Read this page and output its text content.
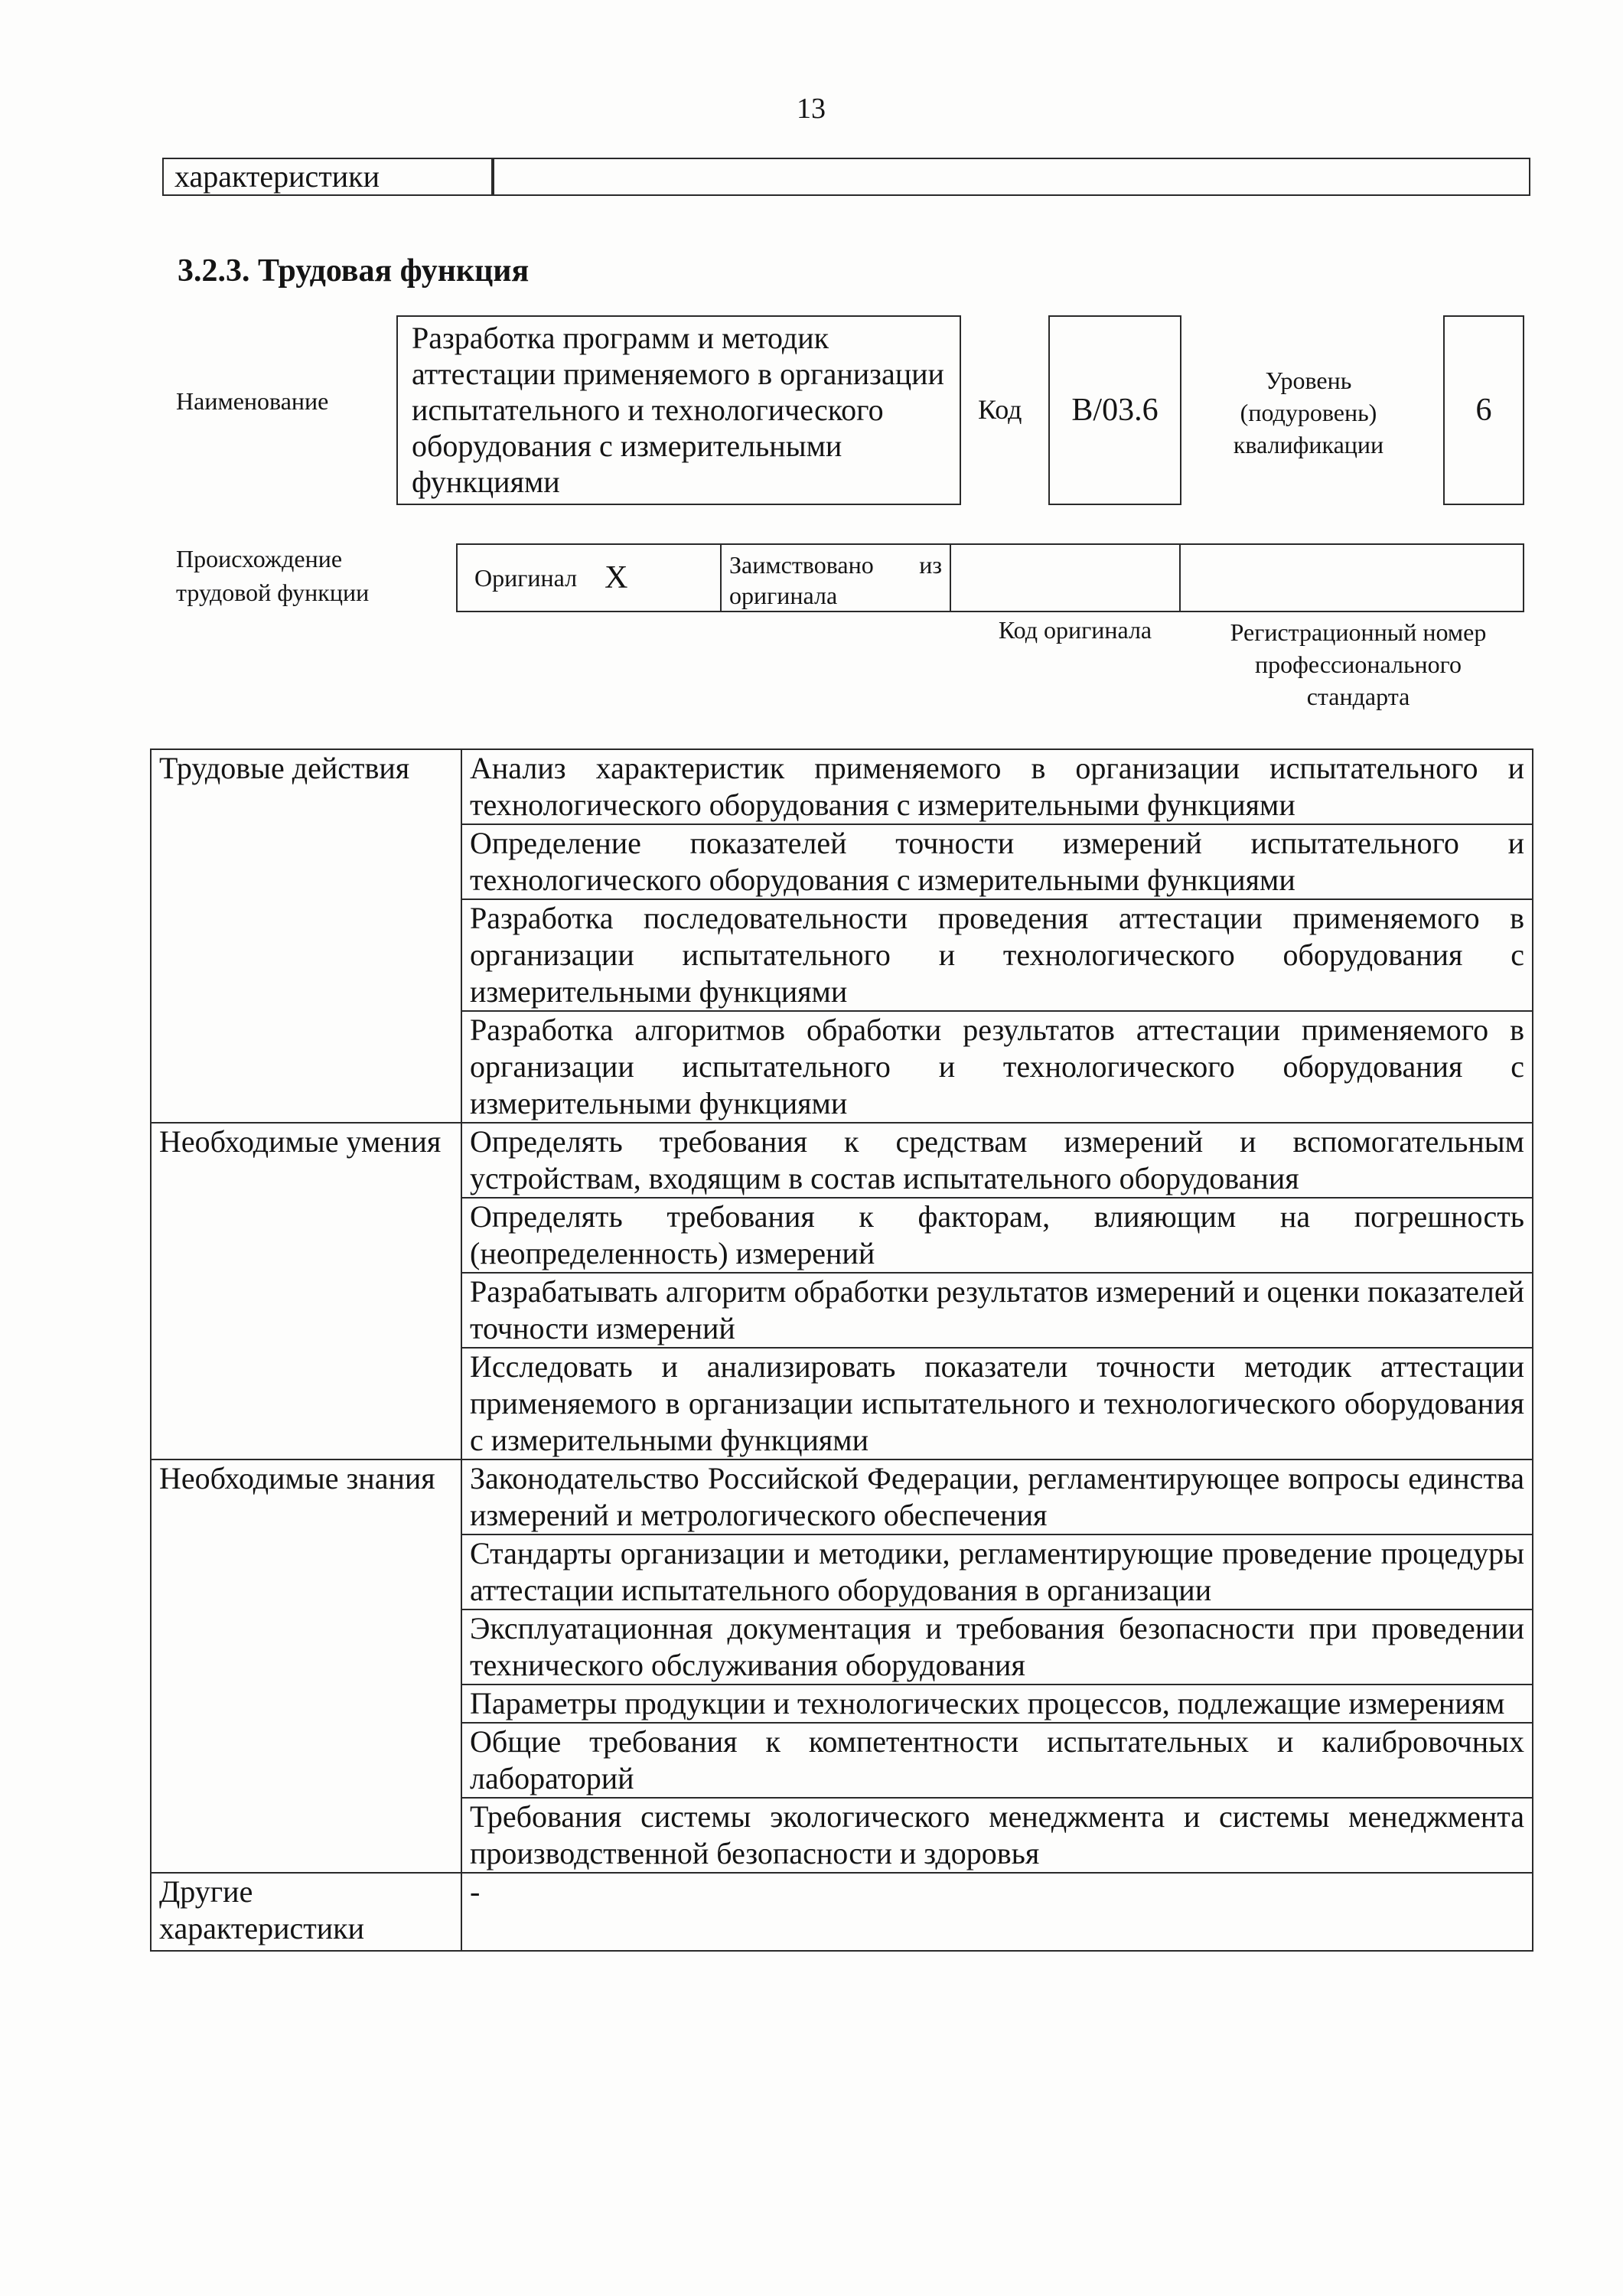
13
характеристики
3.2.3. Трудовая функция
Наименование
Разработка программ и методик аттестации применяемого в организации испытательного и технологического оборудования с измерительными функциями
Код	B/03.6
Уровень
(подуровень)
квалификации
6
Происхождение
трудовой функции
Оригинал X	Заимствовано из
оригинала
Код оригинала	Регистрационный номер
профессионального
стандарта
Трудовые действия	Анализ характеристик применяемого в организации испытательного и технологического оборудования с измерительными функциями
	Определение показателей точности измерений испытательного и технологического оборудования с измерительными функциями
	Разработка последовательности проведения аттестации применяемого в организации испытательного и технологического оборудования с измерительными функциями
	Разработка алгоритмов обработки результатов аттестации применяемого в организации испытательного и технологического оборудования с измерительными функциями
Необходимые умения	Определять требования к средствам измерений и вспомогательным устройствам, входящим в состав испытательного оборудования
	Определять требования к факторам, влияющим на погрешность (неопределенность) измерений
	Разрабатывать алгоритм обработки результатов измерений и оценки показателей точности измерений
	Исследовать и анализировать показатели точности методик аттестации применяемого в организации испытательного и технологического оборудования с измерительными функциями
Необходимые знания	Законодательство Российской Федерации, регламентирующее вопросы единства измерений и метрологического обеспечения
	Стандарты организации и методики, регламентирующие проведение процедуры аттестации испытательного оборудования в организации
	Эксплуатационная документация и требования безопасности при проведении технического обслуживания оборудования
	Параметры продукции и технологических процессов, подлежащие измерениям
	Общие требования к компетентности испытательных и калибровочных лабораторий
	Требования системы экологического менеджмента и системы менеджмента производственной безопасности и здоровья
Другие характеристики	-
